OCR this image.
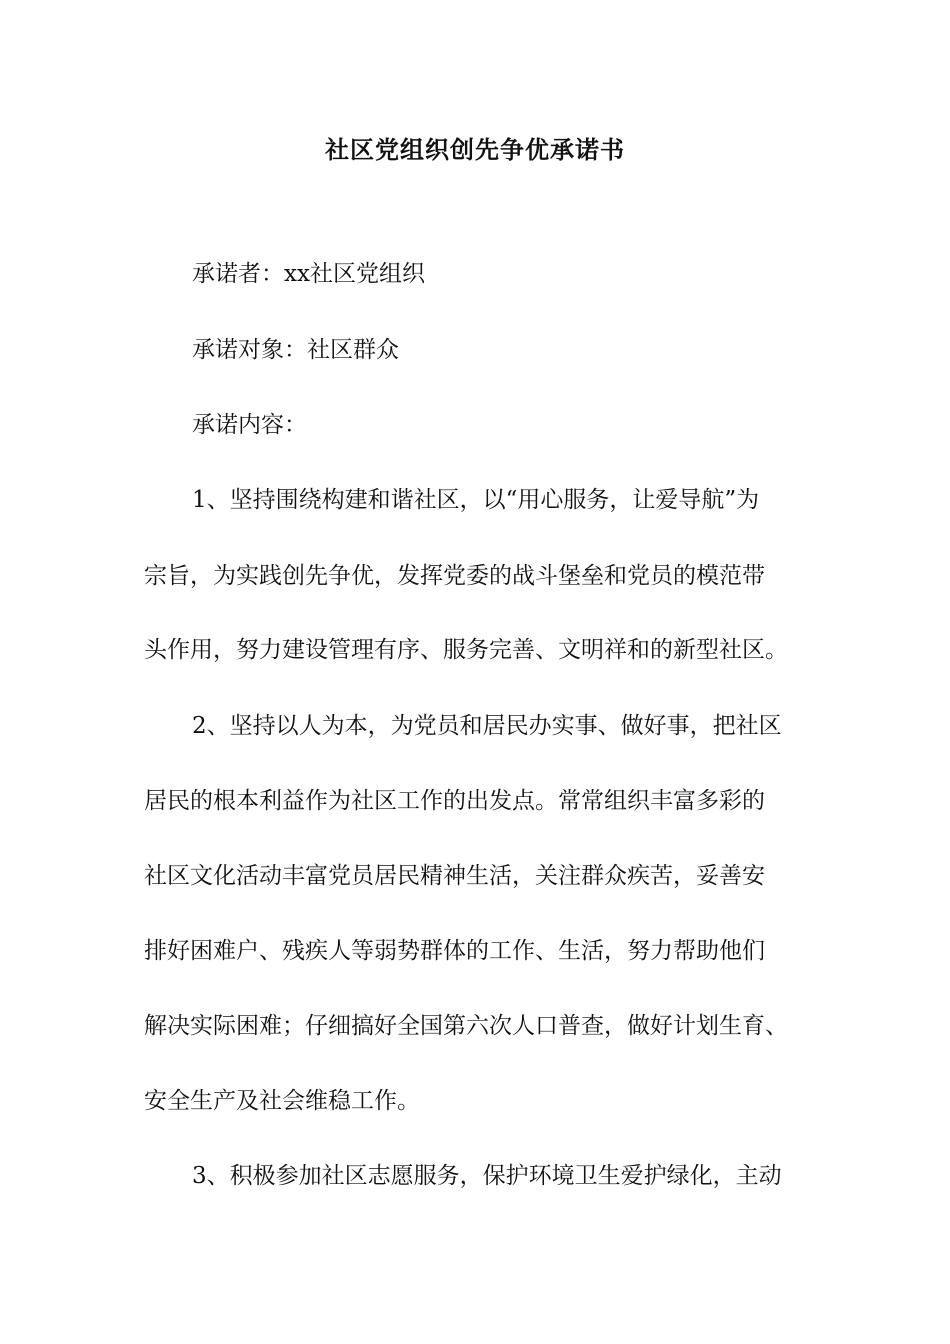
社区党组织创先争优承诺书

承诺者：xx社区党组织

承诺对象：社区群众

承诺内容：

1、坚持围绕构建和谐社区，以“用心服务，让爱导航”为

宗旨，为实践创先争优，发挥党委的战斗堡垒和党员的模范带

头作用，努力建设管理有序、服务完善、文明祥和的新型社区。

2、坚持以人为本，为党员和居民办实事、做好事，把社区

居民的根本利益作为社区工作的出发点。常常组织丰富多彩的

社区文化活动丰富党员居民精神生活，关注群众疾苦，妥善安

排好困难户、残疾人等弱势群体的工作、生活，努力帮助他们

解决实际困难；仔细搞好全国第六次人口普查，做好计划生育、

安全生产及社会维稳工作。

3、积极参加社区志愿服务，保护环境卫生爱护绿化，主动
